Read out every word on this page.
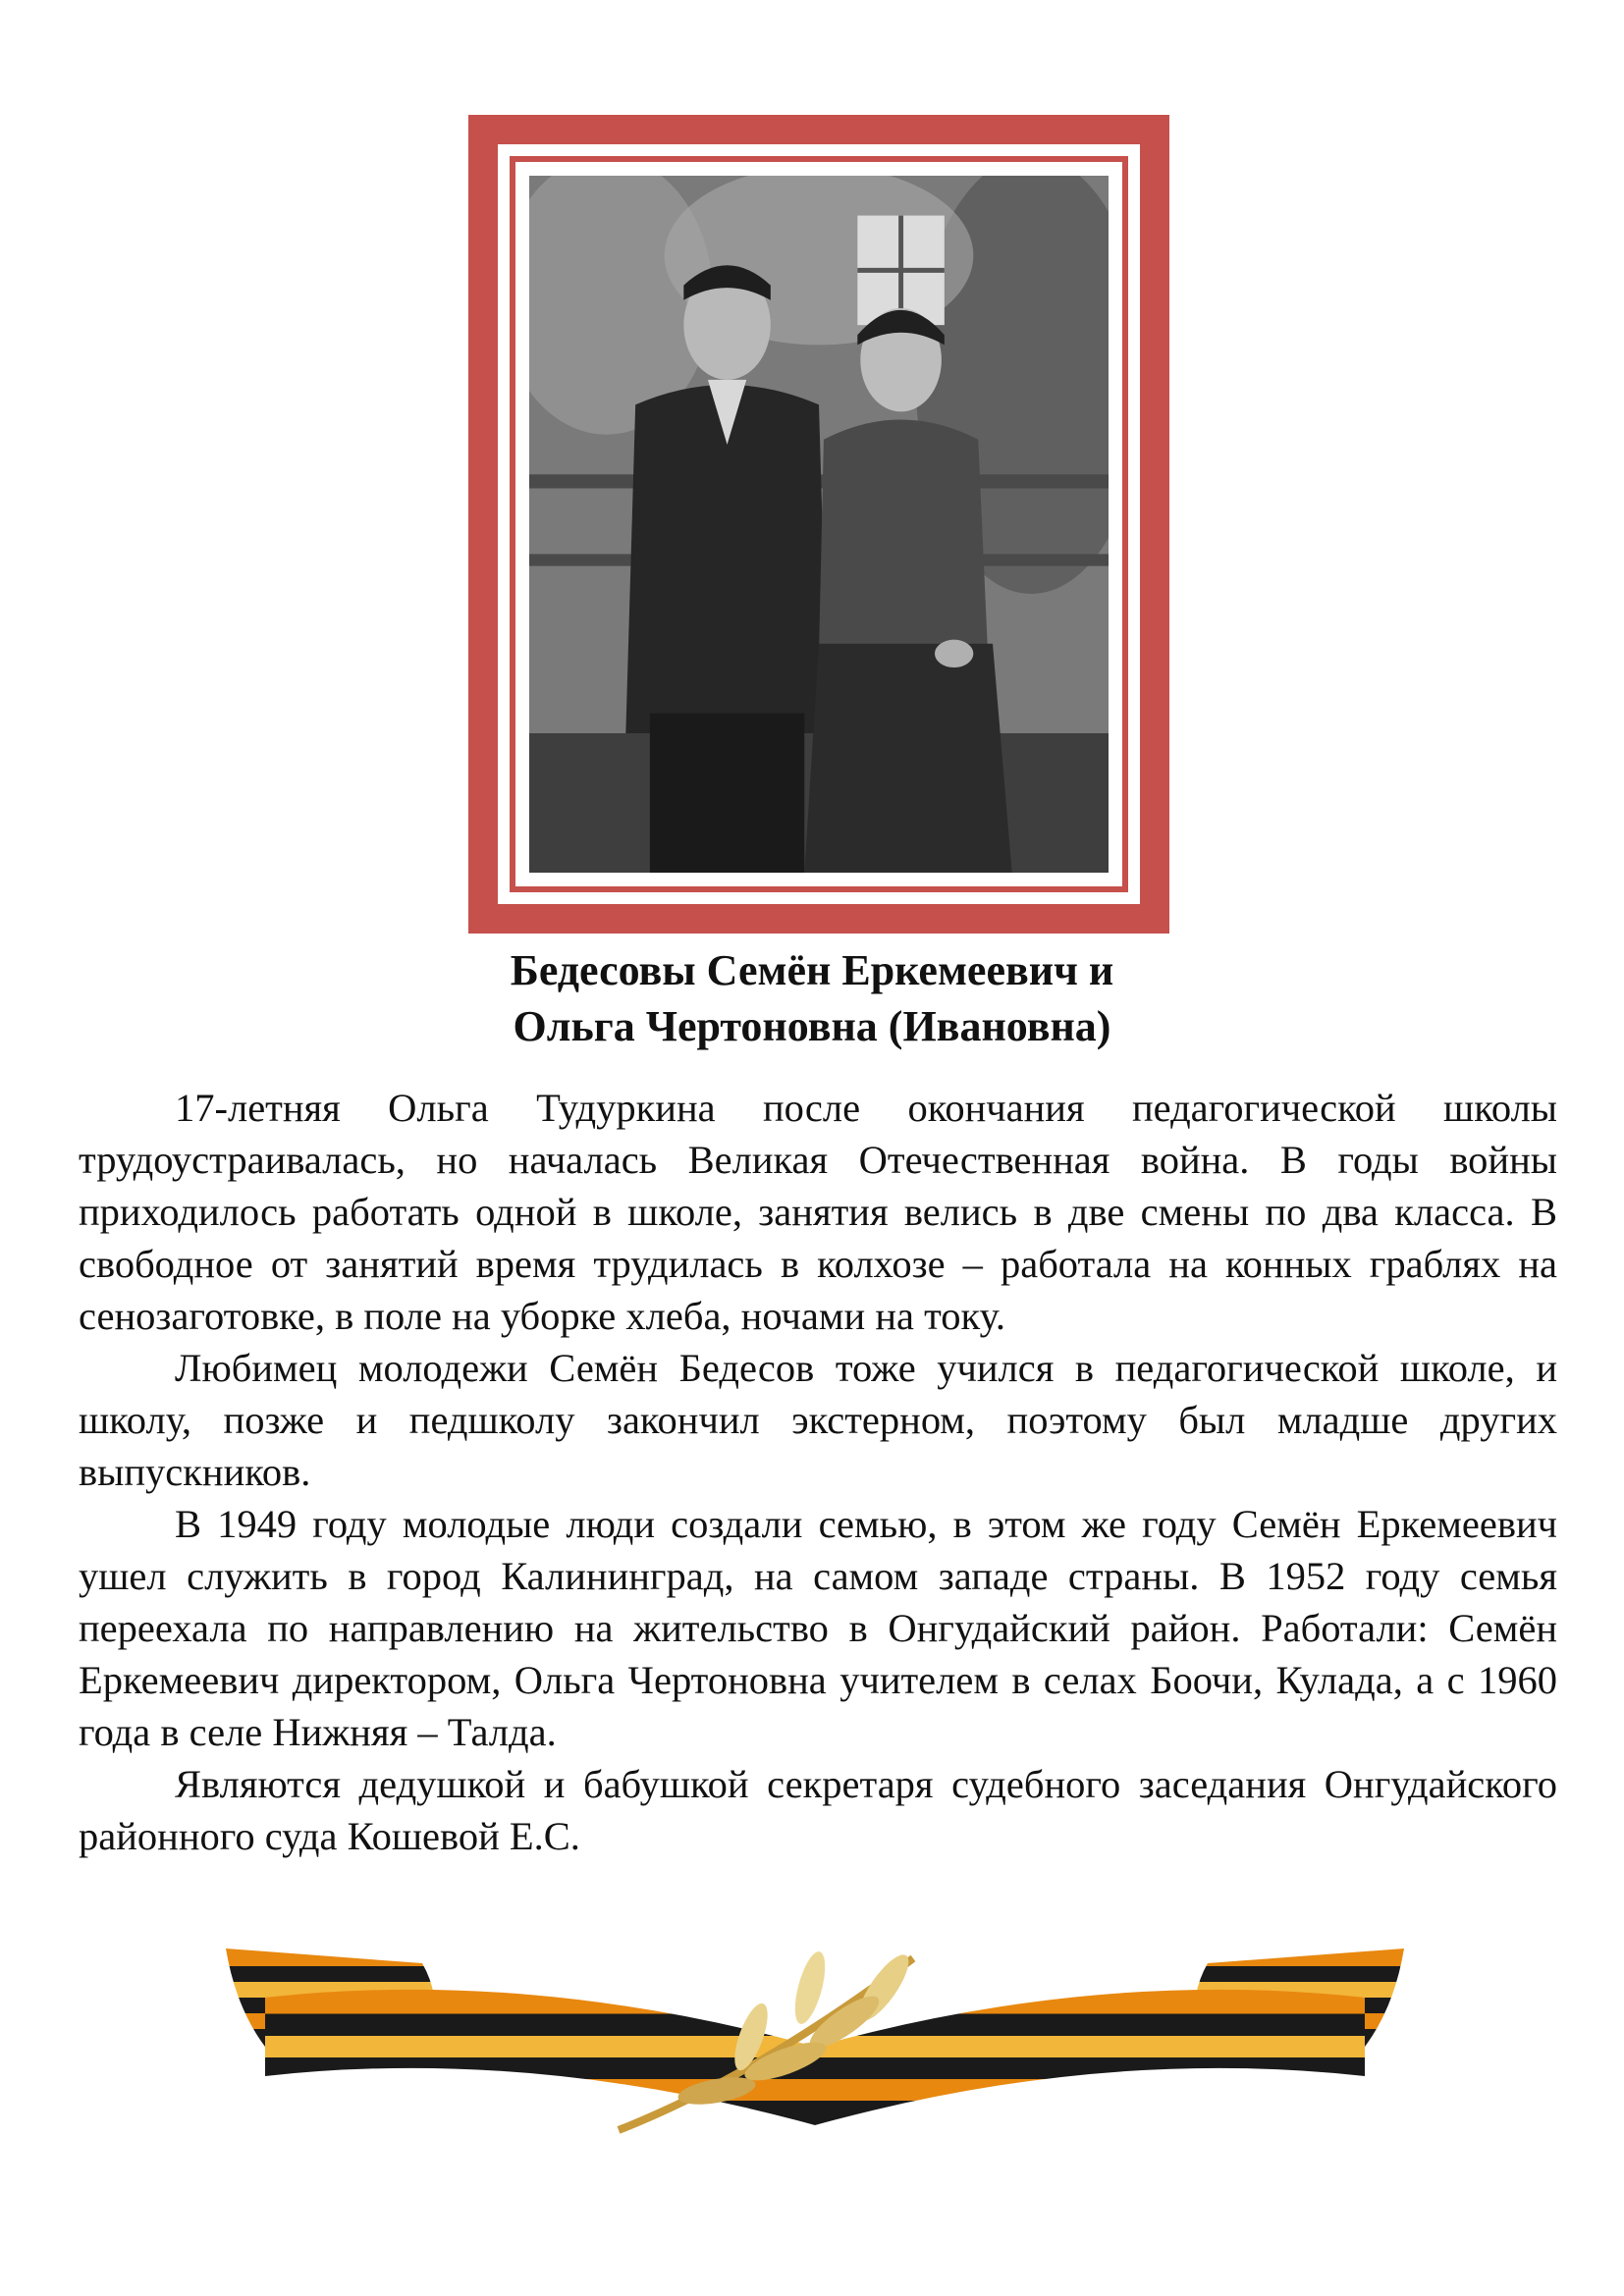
Бедесовы Семён Еркемеевич и
Ольга Чертоновна (Ивановна)

17-летняя Ольга Тудуркина после окончания педагогической школы трудоустраивалась, но началась Великая Отечественная война. В годы войны приходилось работать одной в школе, занятия велись в две смены по два класса. В свободное от занятий время трудилась в колхозе – работала на конных граблях на сенозаготовке, в поле на уборке хлеба, ночами на току.

Любимец молодежи Семён Бедесов тоже учился в педагогической школе, и школу, позже и педшколу закончил экстерном, поэтому был младше других выпускников.

В 1949 году молодые люди создали семью, в этом же году Семён Еркемеевич ушел служить в город Калининград, на самом западе страны. В 1952 году семья переехала по направлению на жительство в Онгудайский район. Работали: Семён Еркемеевич директором, Ольга Чертоновна учителем в селах Боочи, Кулада, а с 1960 года в селе Нижняя – Талда.

Являются дедушкой и бабушкой секретаря судебного заседания Онгудайского районного суда Кошевой Е.С.
